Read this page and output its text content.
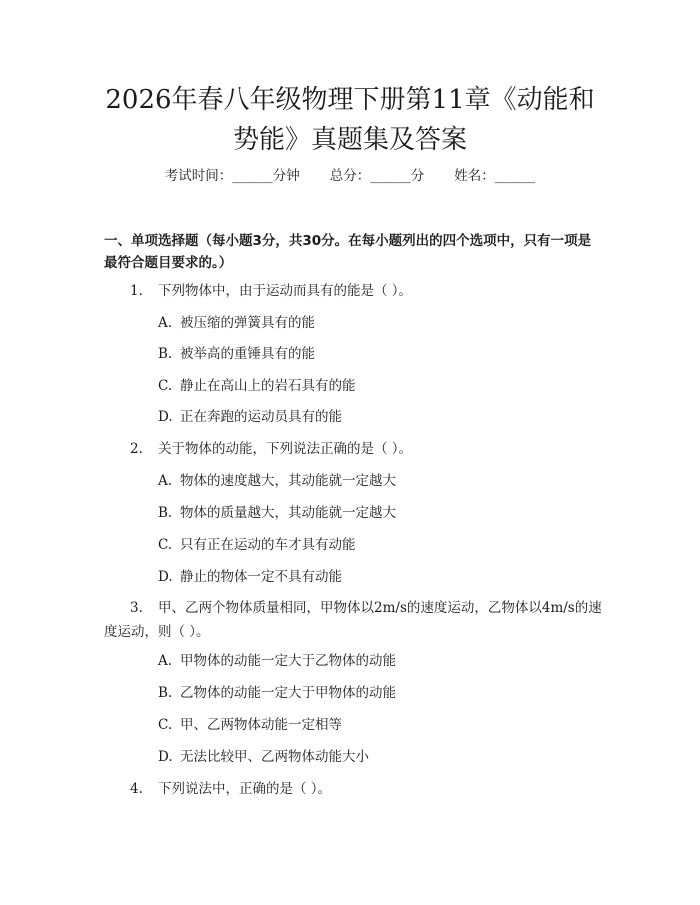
2026年春八年级物理下册第11章《动能和势能》真题集及答案
考试时间：______分钟 总分：______分 姓名：______
一、单项选择题（每小题3分，共30分。在每小题列出的四个选项中，只有一项是最符合题目要求的。）
1. 下列物体中，由于运动而具有的能是（ ）。
A. 被压缩的弹簧具有的能
B. 被举高的重锤具有的能
C. 静止在高山上的岩石具有的能
D. 正在奔跑的运动员具有的能
2. 关于物体的动能，下列说法正确的是（ ）。
A. 物体的速度越大，其动能就一定越大
B. 物体的质量越大，其动能就一定越大
C. 只有正在运动的车才具有动能
D. 静止的物体一定不具有动能
3. 甲、乙两个物体质量相同，甲物体以2m/s的速度运动，乙物体以4m/s的速度运动，则（ ）。
A. 甲物体的动能一定大于乙物体的动能
B. 乙物体的动能一定大于甲物体的动能
C. 甲、乙两物体动能一定相等
D. 无法比较甲、乙两物体动能大小
4. 下列说法中，正确的是（ ）。
